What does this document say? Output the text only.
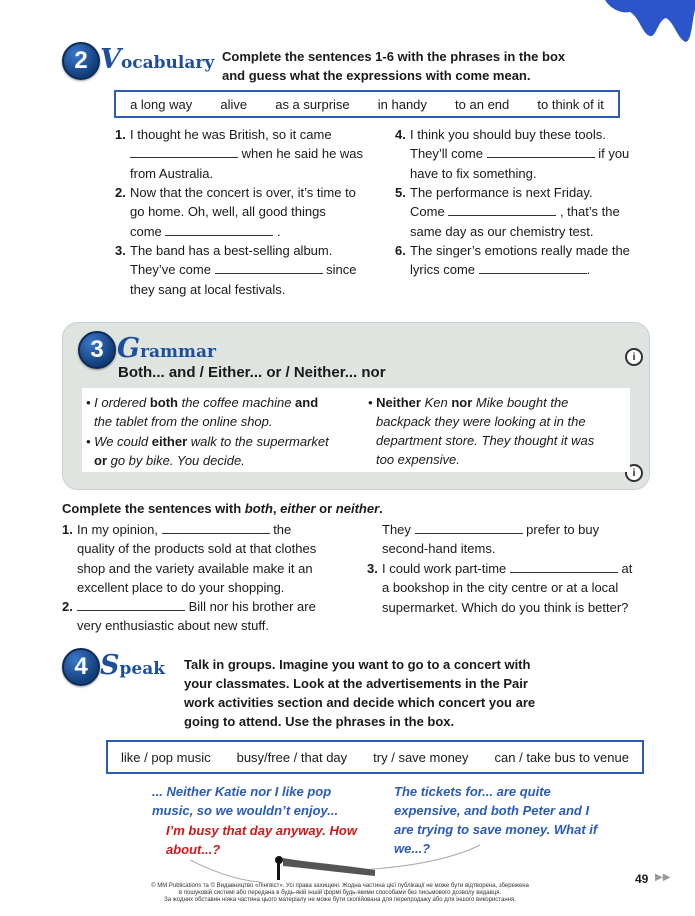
2 Vocabulary Complete the sentences 1-6 with the phrases in the box and guess what the expressions with come mean.
a long way alive as a surprise in handy to an end to think of it
1. I thought he was British, so it came
when he said he was
from Australia.
2. Now that the concert is over, it’s time to
go home. Oh, well, all good things
come	.
3. The band has a best-selling album.
They’ve come	since
they sang at local festivals.
4. I think you should buy these tools.
They’ll come	if you
have to fix something.
5. The performance is next Friday.
Come	, that’s the
same day as our chemistry test.
6. The singer’s emotions really made the
lyrics come	.
3 Grammar
Both... and / Either... or / Neither... nor
i
i
• I ordered both the coffee machine and
the tablet from the online shop.
• We could either walk to the supermarket
or go by bike. You decide.
• Neither Ken nor Mike bought the
backpack they were looking at in the
department store. They thought it was
too expensive.
Complete the sentences with both, either or neither.
1. In my opinion,	the
quality of the products sold at that clothes
shop and the variety available make it an
excellent place to do your shopping.
2.	Bill nor his brother are
very enthusiastic about new stuff.
They	prefer to buy
second-hand items.
3. I could work part-time	at
a bookshop in the city centre or at a local
supermarket. Which do you think is better?
4 Speak Talk in groups. Imagine you want to go to a concert with your classmates. Look at the advertisements in the Pair work activities section and decide which concert you are going to attend. Use the phrases in the box.
like / pop music busy/free / that day try / save money can / take bus to venue
... Neither Katie nor I like pop
music, so we wouldn’t enjoy...
I’m busy that day anyway. How
about...?
The tickets for... are quite
expensive, and both Peter and I
are trying to save money. What if
we...?
49 ▶▶
© MM Publications та © Видавництво «Лінгвіст». Усі права захищені. Жодна частина цієї публікації не може бути відтворена, збережена
в пошуковій системі або передана в будь-якій іншій формі будь-якими способами без письмового дозволу видавця.
За жодних обставин ніяка частина цього матеріалу не може бути скопійована для перепродажу або для іншого використання.
